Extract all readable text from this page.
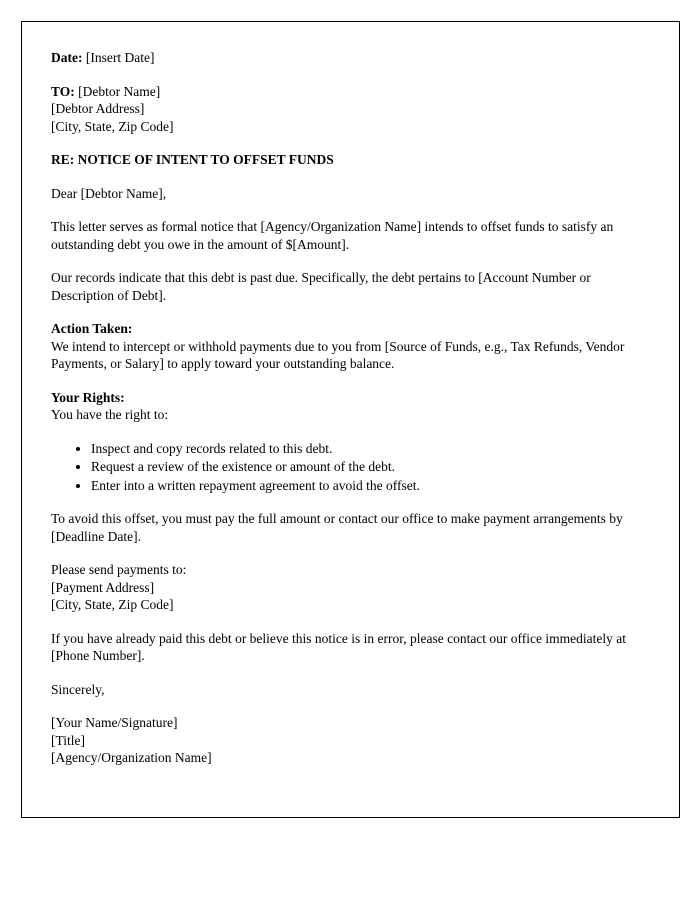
Date: [Insert Date]

TO: [Debtor Name]

[Debtor Address]

[City, State, Zip Code]

RE: NOTICE OF INTENT TO OFFSET FUNDS

Dear [Debtor Name],

This letter serves as formal notice that [Agency/Organization Name] intends to offset funds to satisfy an outstanding debt you owe in the amount of $[Amount].

Our records indicate that this debt is past due. Specifically, the debt pertains to [Account Number or Description of Debt].

Action Taken:

We intend to intercept or withhold payments due to you from [Source of Funds, e.g., Tax Refunds, Vendor Payments, or Salary] to apply toward your outstanding balance.

Your Rights:

You have the right to:

• Inspect and copy records related to this debt.
• Request a review of the existence or amount of the debt.
• Enter into a written repayment agreement to avoid the offset.

To avoid this offset, you must pay the full amount or contact our office to make payment arrangements by [Deadline Date].

Please send payments to:

[Payment Address]

[City, State, Zip Code]

If you have already paid this debt or believe this notice is in error, please contact our office immediately at [Phone Number].

Sincerely,

[Your Name/Signature]

[Title]

[Agency/Organization Name]
